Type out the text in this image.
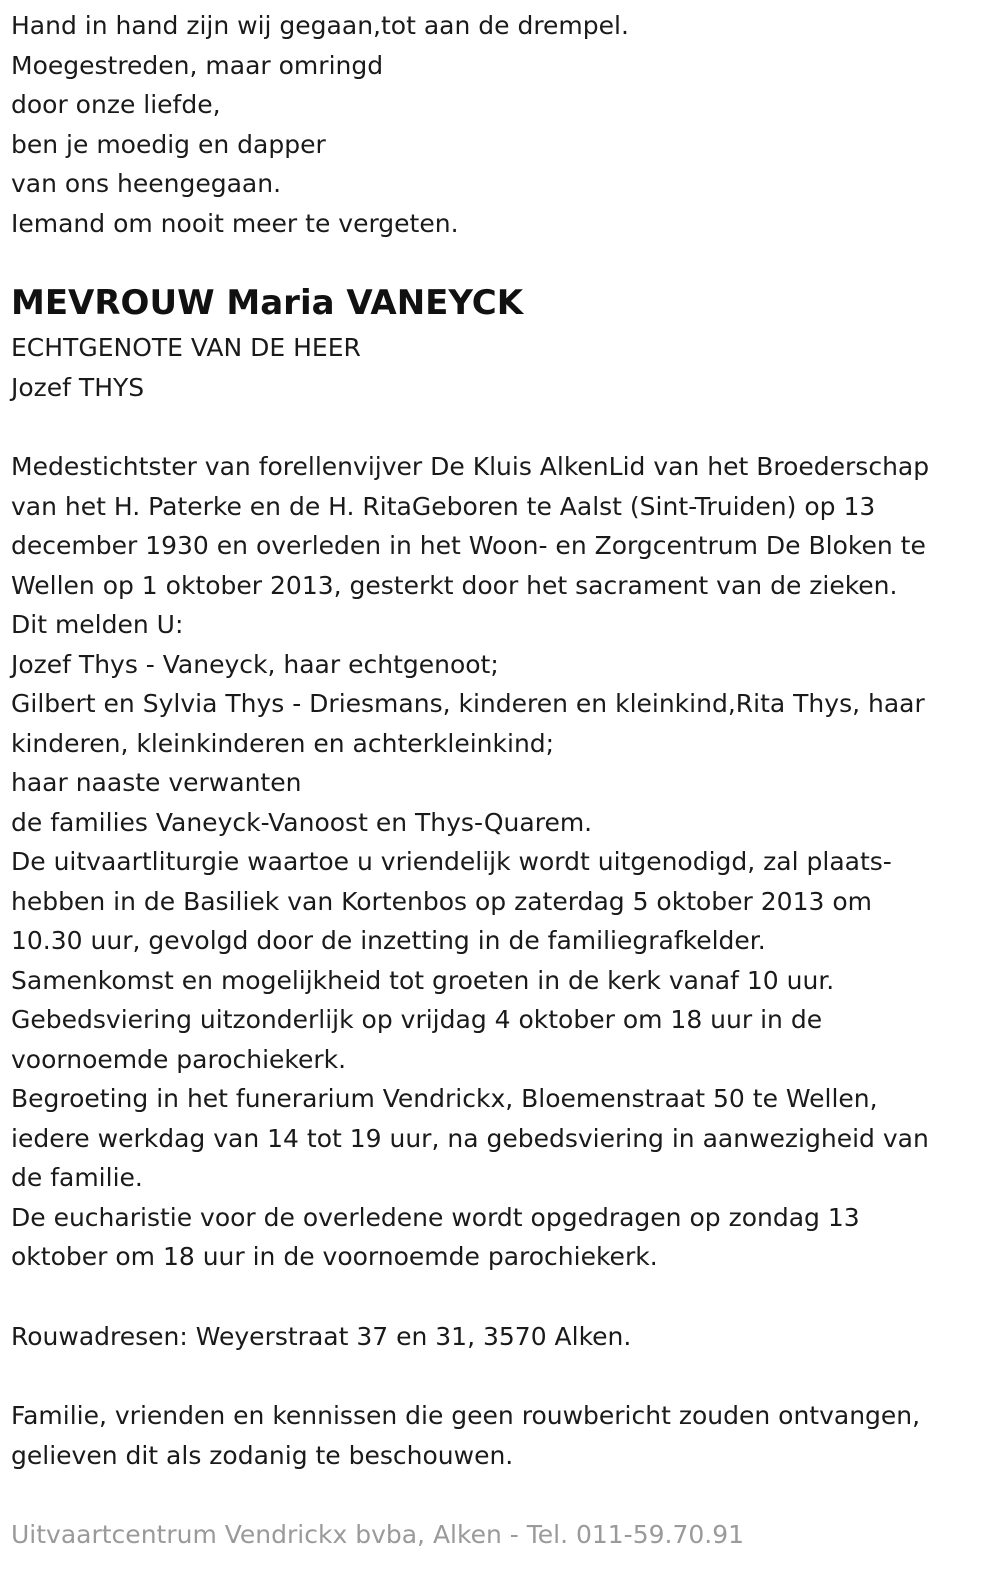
Hand in hand zijn wij gegaan,tot aan de drempel.
Moegestreden, maar omringd
door onze liefde,
ben je moedig en dapper
van ons heengegaan.
Iemand om nooit meer te vergeten.
MEVROUW Maria VANEYCK
ECHTGENOTE VAN DE HEER
Jozef THYS
Medestichtster van forellenvijver De Kluis AlkenLid van het Broederschap
van het H. Paterke en de H. RitaGeboren te Aalst (Sint-Truiden) op 13
december 1930 en overleden in het Woon- en Zorgcentrum De Bloken te
Wellen op 1 oktober 2013, gesterkt door het sacrament van de zieken.
Dit melden U:
Jozef Thys - Vaneyck, haar echtgenoot;
Gilbert en Sylvia Thys - Driesmans, kinderen en kleinkind,Rita Thys, haar
kinderen, kleinkinderen en achterkleinkind;
haar naaste verwanten
de families Vaneyck-Vanoost en Thys-Quarem.
De uitvaartliturgie waartoe u vriendelijk wordt uitgenodigd, zal plaats-
hebben in de Basiliek van Kortenbos op zaterdag 5 oktober 2013 om
10.30 uur, gevolgd door de inzetting in de familiegrafkelder.
Samenkomst en mogelijkheid tot groeten in de kerk vanaf 10 uur.
Gebedsviering uitzonderlijk op vrijdag 4 oktober om 18 uur in de
voornoemde parochiekerk.
Begroeting in het funerarium Vendrickx, Bloemenstraat 50 te Wellen,
iedere werkdag van 14 tot 19 uur, na gebedsviering in aanwezigheid van
de familie.
De eucharistie voor de overledene wordt opgedragen op zondag 13
oktober om 18 uur in de voornoemde parochiekerk.
Rouwadresen: Weyerstraat 37 en 31, 3570 Alken.
Familie, vrienden en kennissen die geen rouwbericht zouden ontvangen,
gelieven dit als zodanig te beschouwen.
Uitvaartcentrum Vendrickx bvba, Alken - Tel. 011-59.70.91
